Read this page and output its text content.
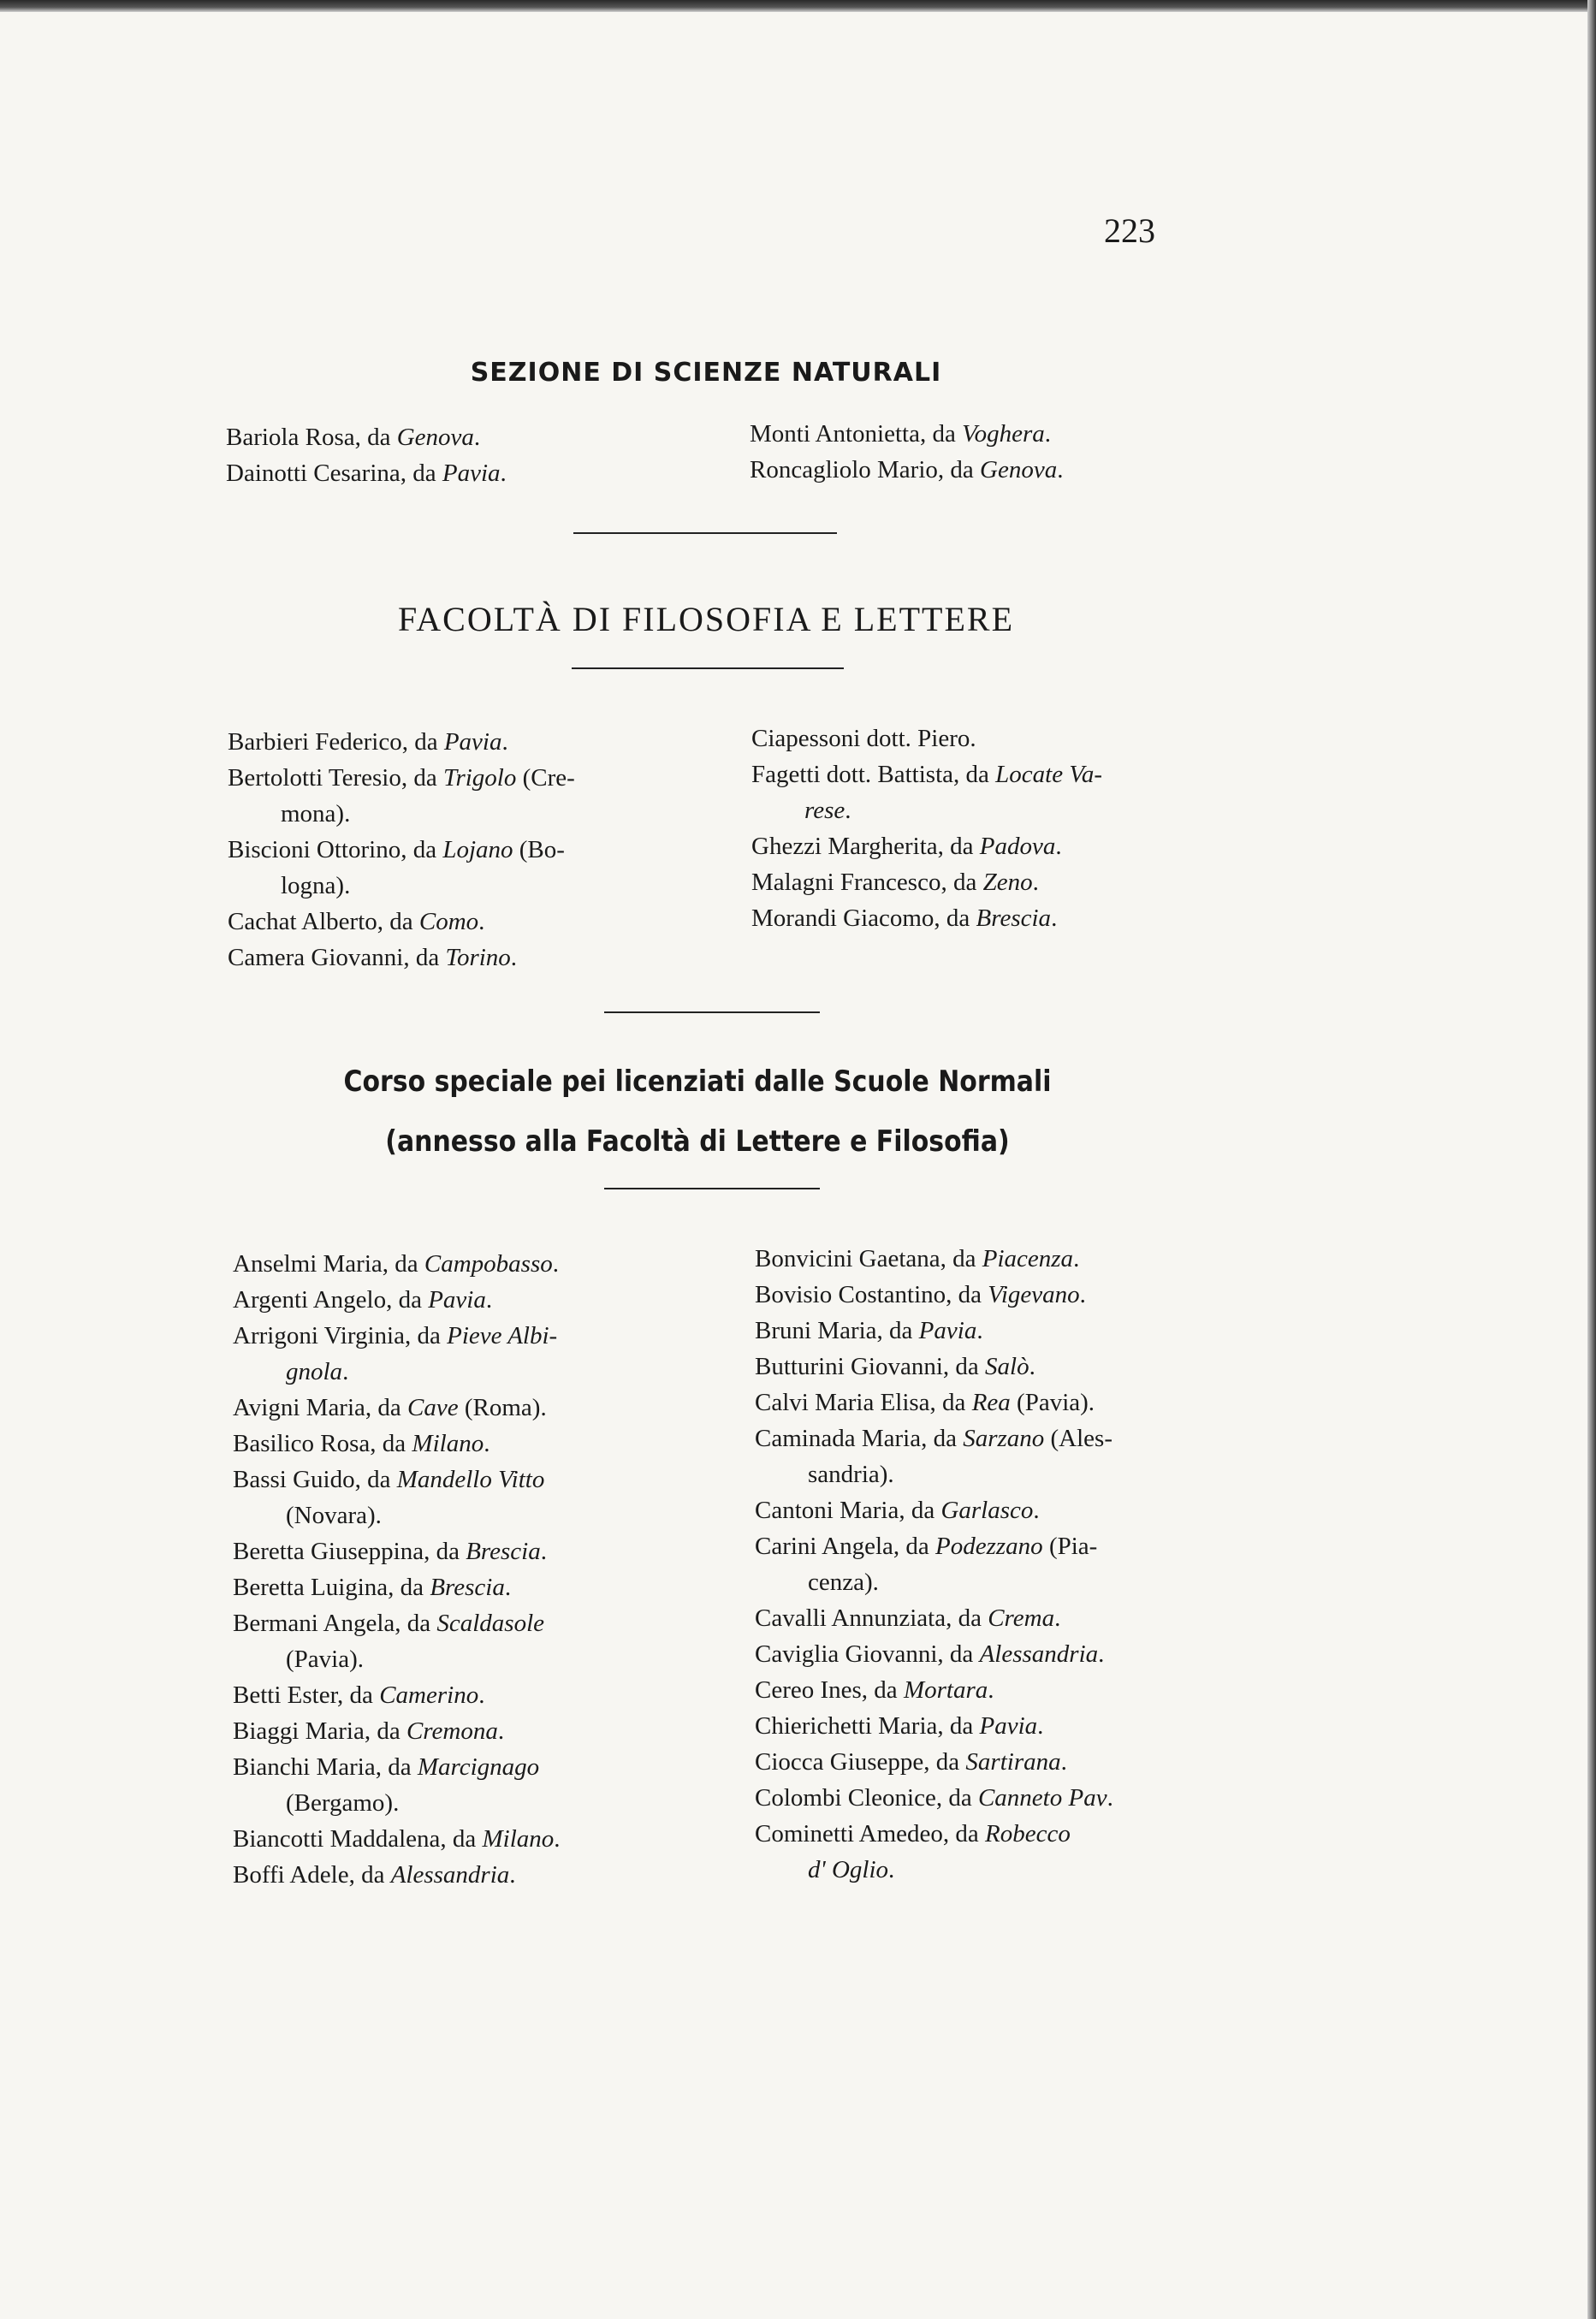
223
SEZIONE DI SCIENZE NATURALI
Bariola Rosa, da Genova.
Dainotti Cesarina, da Pavia.
Monti Antonietta, da Voghera.
Roncagliolo Mario, da Genova.
FACOLTÀ DI FILOSOFIA E LETTERE
Barbieri Federico, da Pavia.
Bertolotti Teresio, da Trigolo (Cre-
mona).
Biscioni Ottorino, da Lojano (Bo-
logna).
Cachat Alberto, da Como.
Camera Giovanni, da Torino.
Ciapessoni dott. Piero.
Fagetti dott. Battista, da Locate Va-
rese.
Ghezzi Margherita, da Padova.
Malagni Francesco, da Zeno.
Morandi Giacomo, da Brescia.
Corso speciale pei licenziati dalle Scuole Normali
(annesso alla Facoltà di Lettere e Filosofia)
Anselmi Maria, da Campobasso.
Argenti Angelo, da Pavia.
Arrigoni Virginia, da Pieve Albi-
gnola.
Avigni Maria, da Cave (Roma).
Basilico Rosa, da Milano.
Bassi Guido, da Mandello Vitto
(Novara).
Beretta Giuseppina, da Brescia.
Beretta Luigina, da Brescia.
Bermani Angela, da Scaldasole
(Pavia).
Betti Ester, da Camerino.
Biaggi Maria, da Cremona.
Bianchi Maria, da Marcignago
(Bergamo).
Biancotti Maddalena, da Milano.
Boffi Adele, da Alessandria.
Bonvicini Gaetana, da Piacenza.
Bovisio Costantino, da Vigevano.
Bruni Maria, da Pavia.
Butturini Giovanni, da Salò.
Calvi Maria Elisa, da Rea (Pavia).
Caminada Maria, da Sarzano (Ales-
sandria).
Cantoni Maria, da Garlasco.
Carini Angela, da Podezzano (Pia-
cenza).
Cavalli Annunziata, da Crema.
Caviglia Giovanni, da Alessandria.
Cereo Ines, da Mortara.
Chierichetti Maria, da Pavia.
Ciocca Giuseppe, da Sartirana.
Colombi Cleonice, da Canneto Pav.
Cominetti Amedeo, da Robecco
d' Oglio.
